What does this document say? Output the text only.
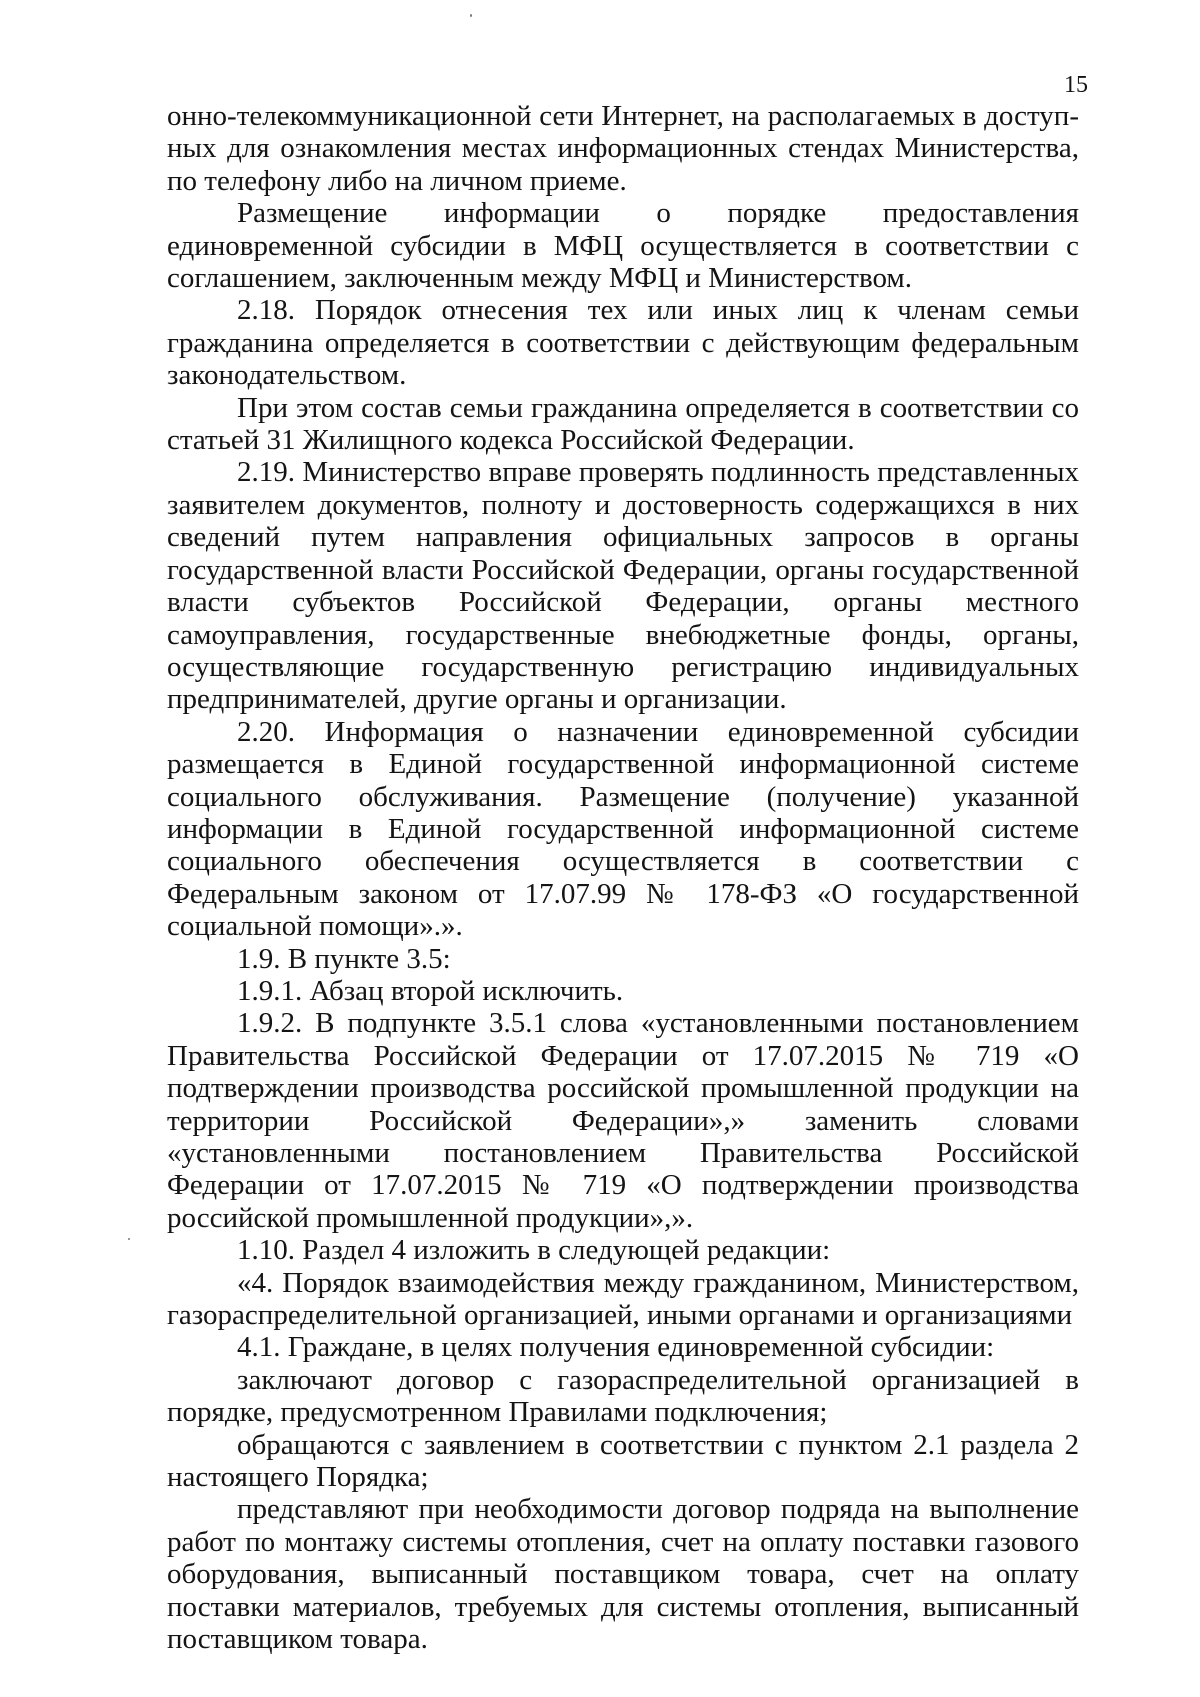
15

онно-телекоммуникационной сети Интернет, на располагаемых в доступных для ознакомления местах информационных стендах Министерства, по телефону либо на личном приеме.

Размещение информации о порядке предоставления единовременной субсидии в МФЦ осуществляется в соответствии с соглашением, заключенным между МФЦ и Министерством.

2.18. Порядок отнесения тех или иных лиц к членам семьи гражданина определяется в соответствии с действующим федеральным законодательством.

При этом состав семьи гражданина определяется в соответствии со статьей 31 Жилищного кодекса Российской Федерации.

2.19. Министерство вправе проверять подлинность представленных заявителем документов, полноту и достоверность содержащихся в них сведений путем направления официальных запросов в органы государственной власти Российской Федерации, органы государственной власти субъектов Российской Федерации, органы местного самоуправления, государственные внебюджетные фонды, органы, осуществляющие государственную регистрацию индивидуальных предпринимателей, другие органы и организации.

2.20. Информация о назначении единовременной субсидии размещается в Единой государственной информационной системе социального обслуживания. Размещение (получение) указанной информации в Единой государственной информационной системе социального обеспечения осуществляется в соответствии с Федеральным законом от 17.07.99 № 178-ФЗ «О государственной социальной помощи».».

1.9. В пункте 3.5:

1.9.1. Абзац второй исключить.

1.9.2. В подпункте 3.5.1 слова «установленными постановлением Правительства Российской Федерации от 17.07.2015 № 719 «О подтверждении производства российской промышленной продукции на территории Российской Федерации»,» заменить словами «установленными постановлением Правительства Российской Федерации от 17.07.2015 № 719 «О подтверждении производства российской промышленной продукции»,».

1.10. Раздел 4 изложить в следующей редакции:

«4. Порядок взаимодействия между гражданином, Министерством, газораспределительной организацией, иными органами и организациями

4.1. Граждане, в целях получения единовременной субсидии:

заключают договор с газораспределительной организацией в порядке, предусмотренном Правилами подключения;

обращаются с заявлением в соответствии с пунктом 2.1 раздела 2 настоящего Порядка;

представляют при необходимости договор подряда на выполнение работ по монтажу системы отопления, счет на оплату поставки газового оборудования, выписанный поставщиком товара, счет на оплату поставки материалов, требуемых для системы отопления, выписанный поставщиком товара.
